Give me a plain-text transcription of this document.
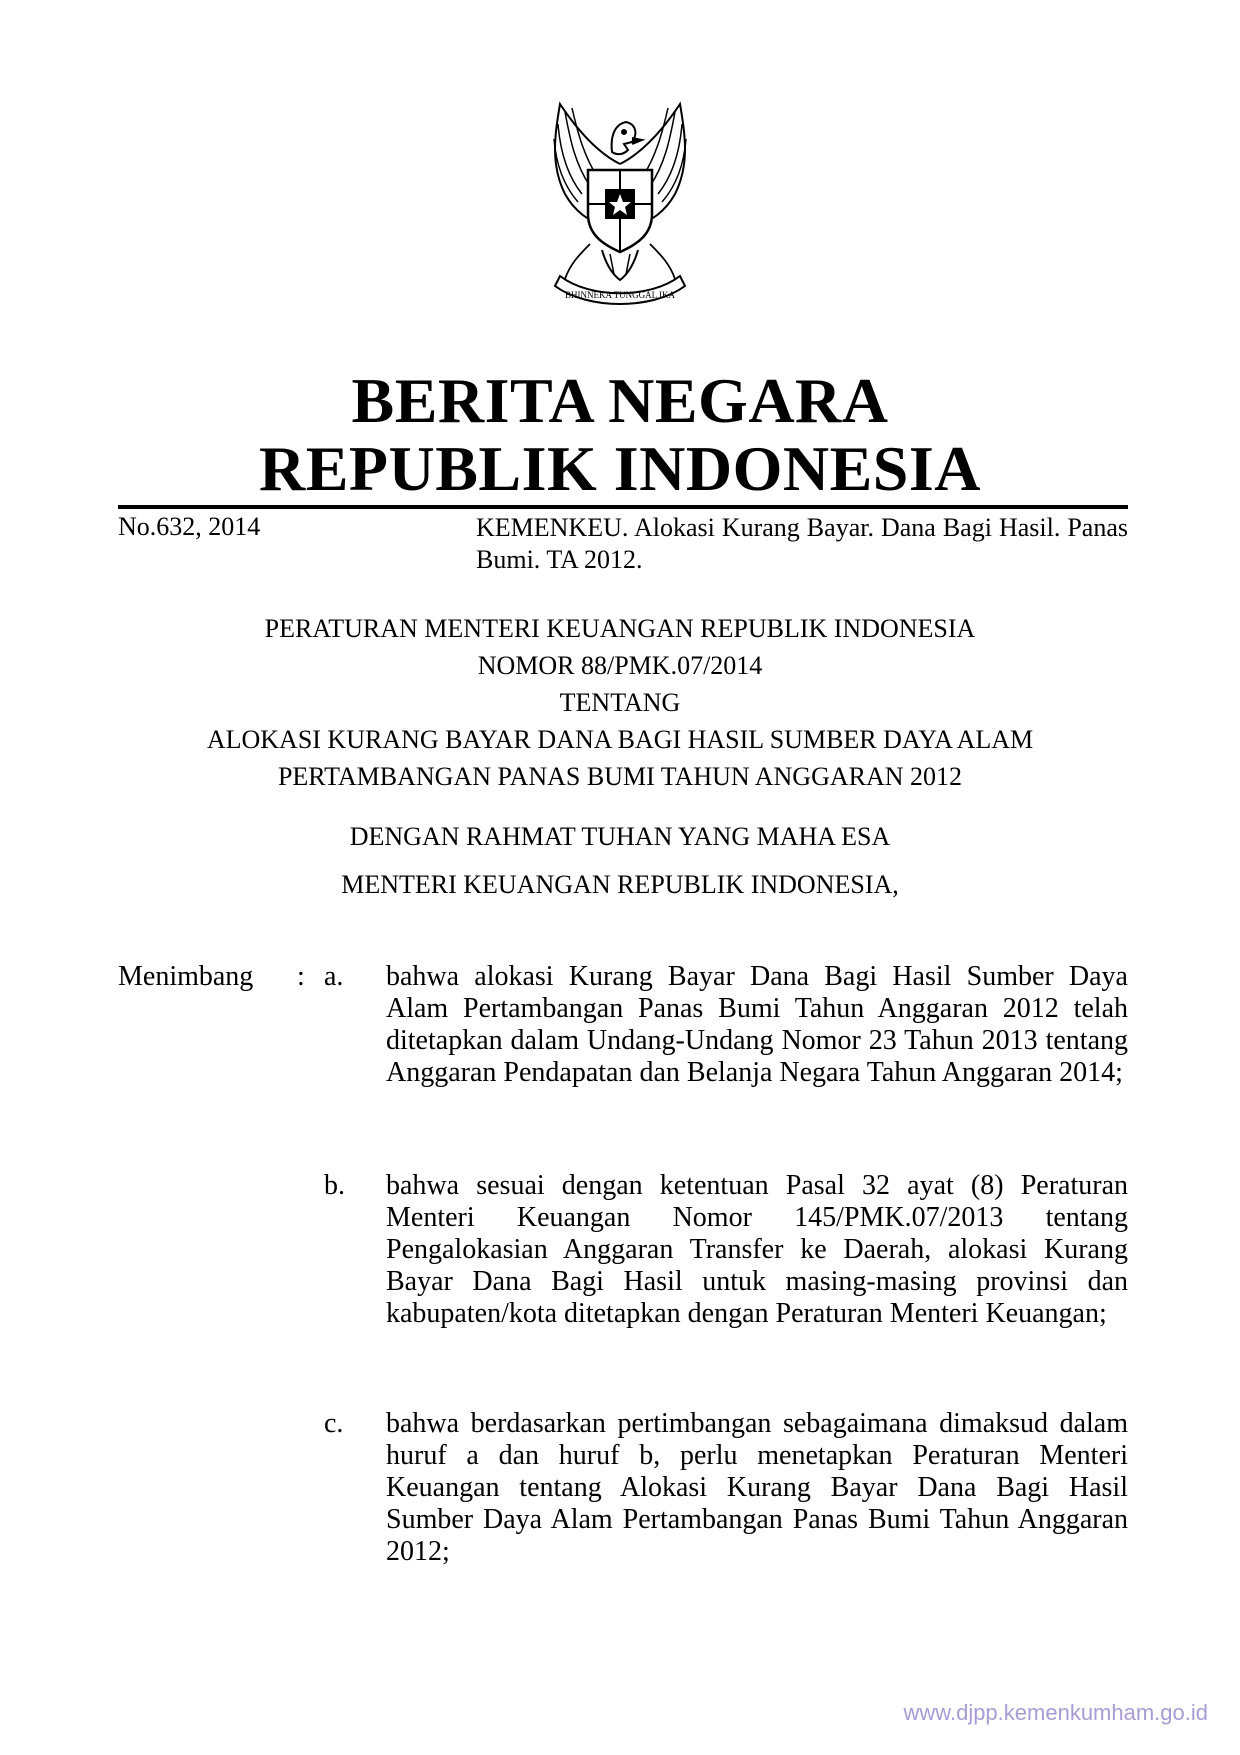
BHINNEKA TUNGGAL IKA
BERITA NEGARA
REPUBLIK INDONESIA
No.632, 2014	KEMENKEU. Alokasi Kurang Bayar. Dana Bagi Hasil. Panas Bumi. TA 2012.
PERATURAN MENTERI KEUANGAN REPUBLIK INDONESIA
NOMOR 88/PMK.07/2014
TENTANG
ALOKASI KURANG BAYAR DANA BAGI HASIL SUMBER DAYA ALAM
PERTAMBANGAN PANAS BUMI TAHUN ANGGARAN 2012
DENGAN RAHMAT TUHAN YANG MAHA ESA
MENTERI KEUANGAN REPUBLIK INDONESIA,
Menimbang : a. bahwa alokasi Kurang Bayar Dana Bagi Hasil Sumber Daya Alam Pertambangan Panas Bumi Tahun Anggaran 2012 telah ditetapkan dalam Undang-Undang Nomor 23 Tahun 2013 tentang Anggaran Pendapatan dan Belanja Negara Tahun Anggaran 2014;
b. bahwa sesuai dengan ketentuan Pasal 32 ayat (8) Peraturan Menteri Keuangan Nomor 145/PMK.07/2013 tentang Pengalokasian Anggaran Transfer ke Daerah, alokasi Kurang Bayar Dana Bagi Hasil untuk masing-masing provinsi dan kabupaten/kota ditetapkan dengan Peraturan Menteri Keuangan;
c. bahwa berdasarkan pertimbangan sebagaimana dimaksud dalam huruf a dan huruf b, perlu menetapkan Peraturan Menteri Keuangan tentang Alokasi Kurang Bayar Dana Bagi Hasil Sumber Daya Alam Pertambangan Panas Bumi Tahun Anggaran 2012;
www.djpp.kemenkumham.go.id
